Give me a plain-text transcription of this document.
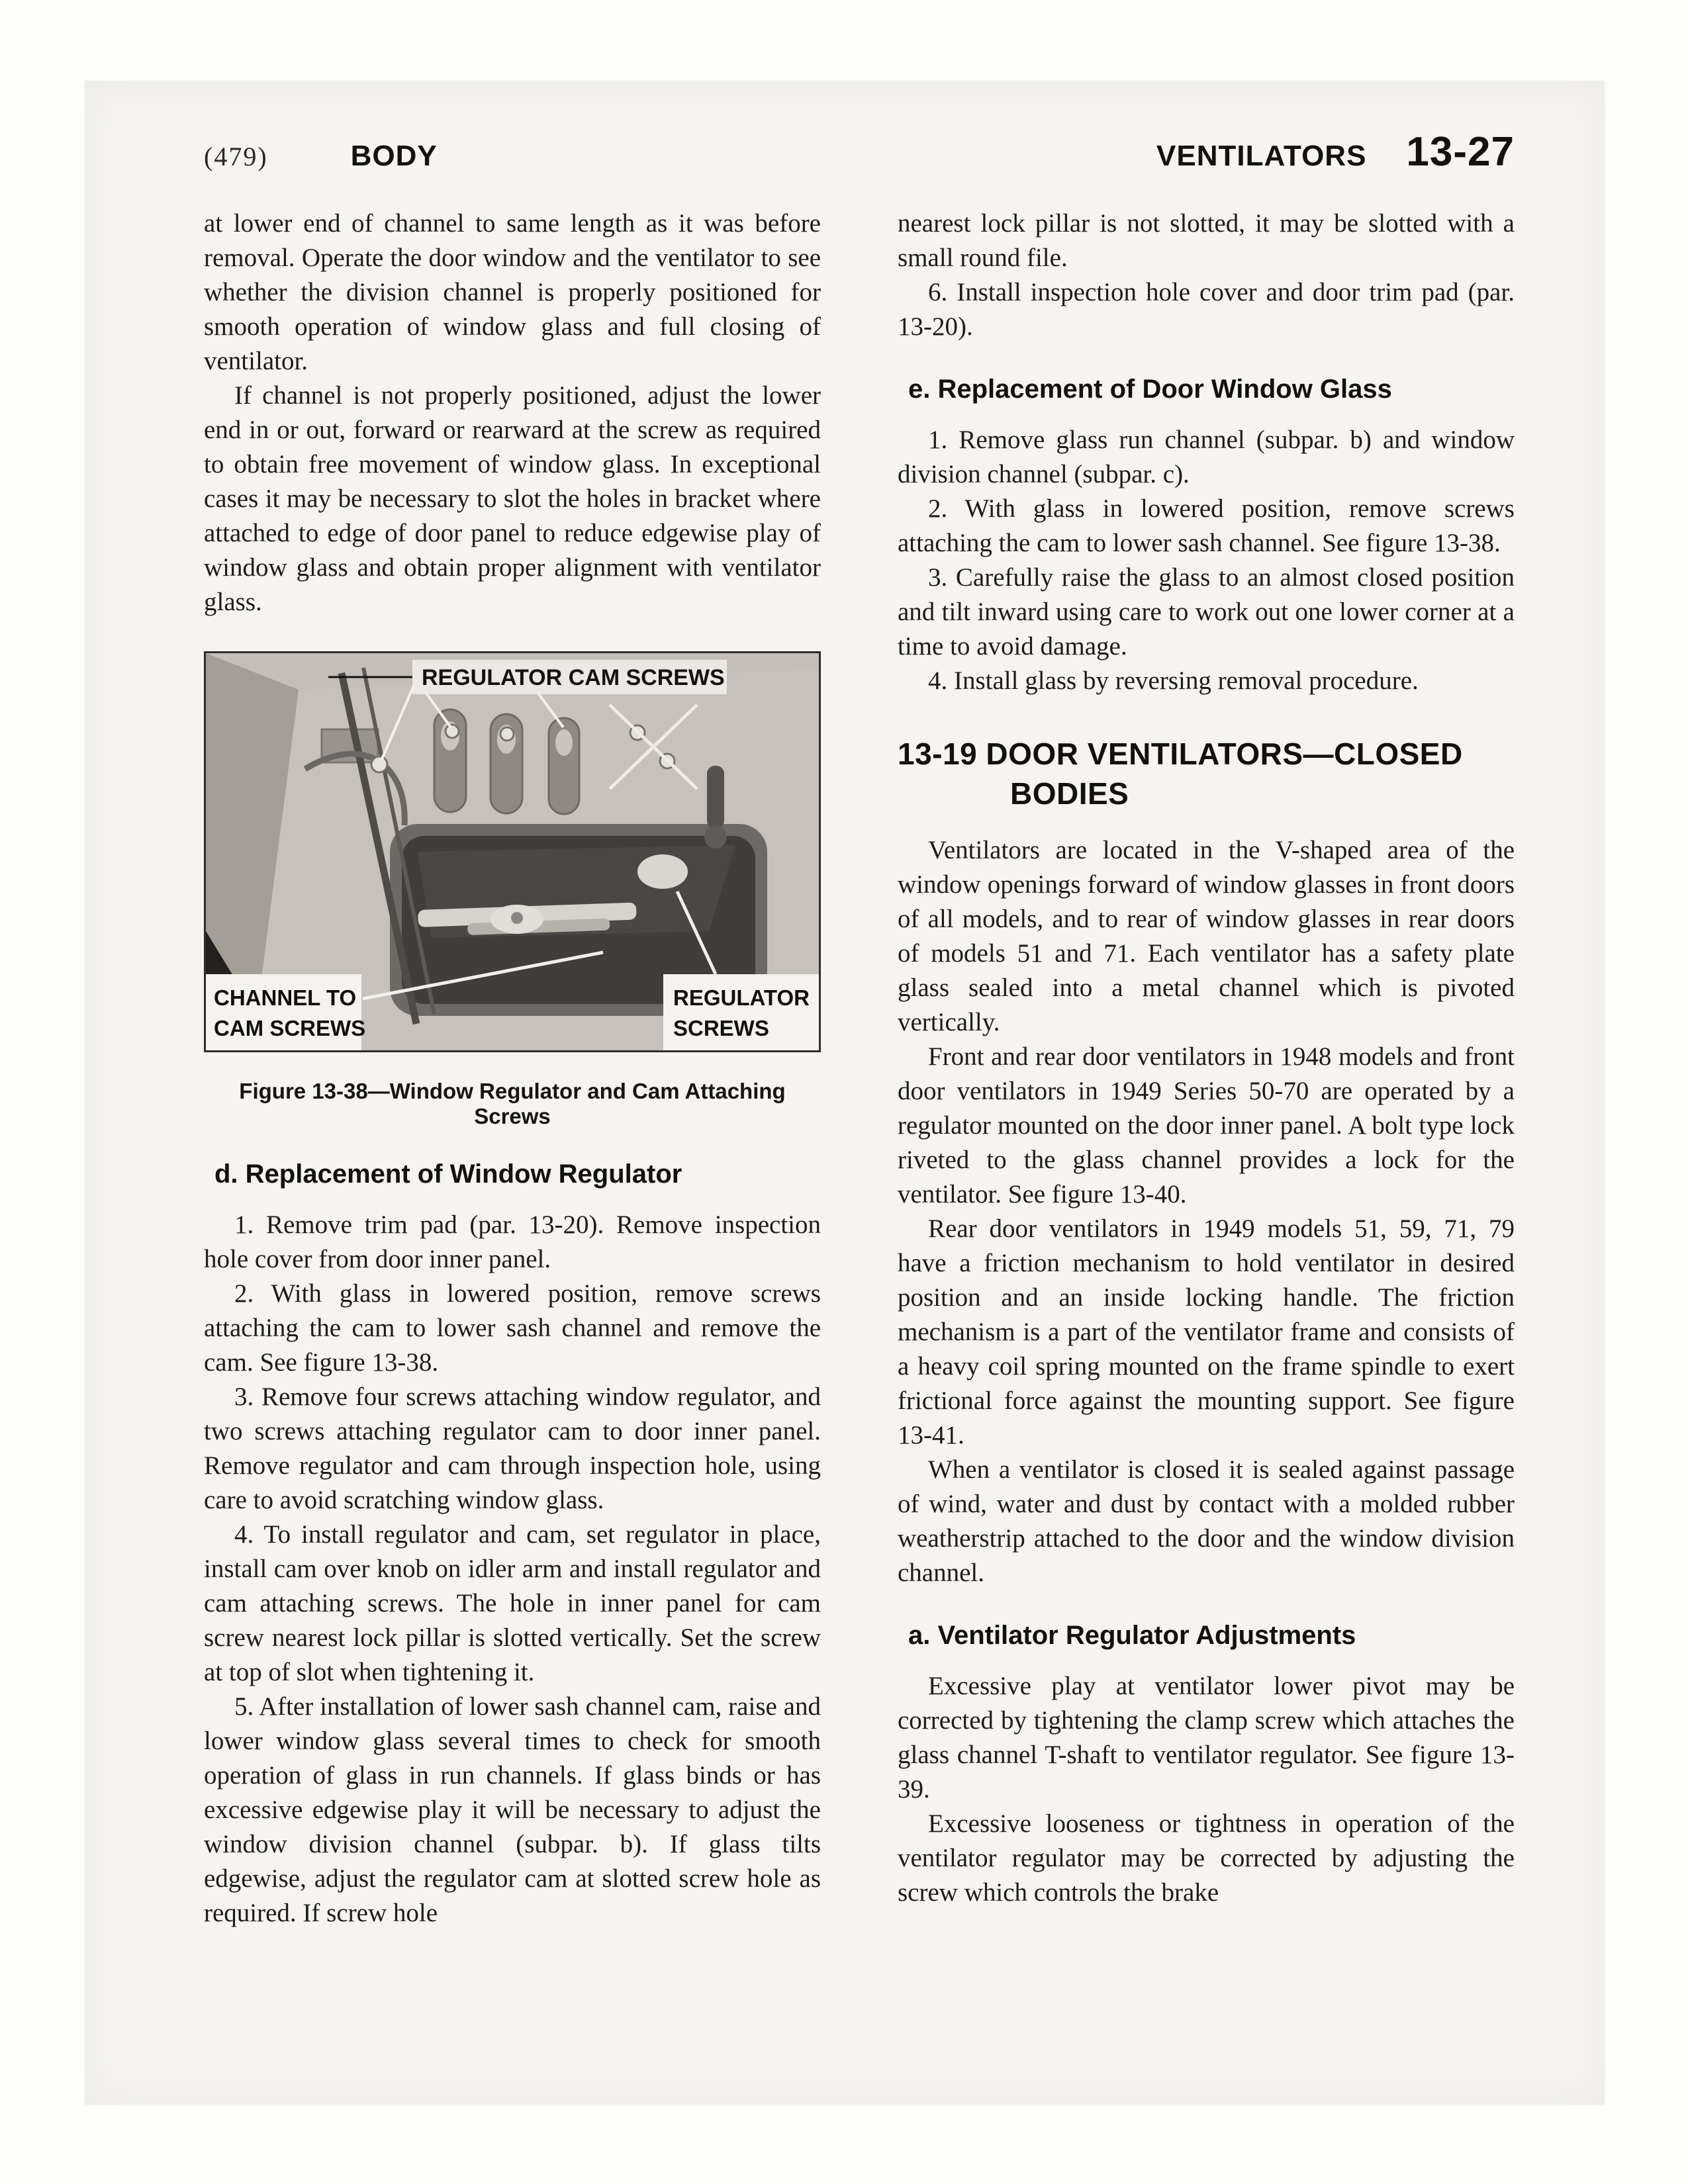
(479)	BODY	VENTILATORS 13-27

at lower end of channel to same length as it was before removal. Operate the door window and the ventilator to see whether the division channel is properly positioned for smooth operation of window glass and full closing of ventilator.

If channel is not properly positioned, adjust the lower end in or out, forward or rearward at the screw as required to obtain free movement of window glass. In exceptional cases it may be necessary to slot the holes in bracket where attached to edge of door panel to reduce edgewise play of window glass and obtain proper alignment with ventilator glass.

REGULATOR CAM SCREWS
CHANNEL TO
CAM SCREWS
REGULATOR
SCREWS
Figure 13-38—Window Regulator and Cam Attaching Screws
d. Replacement of Window Regulator

1. Remove trim pad (par. 13-20). Remove inspection hole cover from door inner panel.

2. With glass in lowered position, remove screws attaching the cam to lower sash channel and remove the cam. See figure 13-38.

3. Remove four screws attaching window regulator, and two screws attaching regulator cam to door inner panel. Remove regulator and cam through inspection hole, using care to avoid scratching window glass.

4. To install regulator and cam, set regulator in place, install cam over knob on idler arm and install regulator and cam attaching screws. The hole in inner panel for cam screw nearest lock pillar is slotted vertically. Set the screw at top of slot when tightening it.

5. After installation of lower sash channel cam, raise and lower window glass several times to check for smooth operation of glass in run channels. If glass binds or has excessive edgewise play it will be necessary to adjust the window division channel (subpar. b). If glass tilts edgewise, adjust the regulator cam at slotted screw hole as required. If screw hole

nearest lock pillar is not slotted, it may be slotted with a small round file.

6. Install inspection hole cover and door trim pad (par. 13-20).

e. Replacement of Door Window Glass

1. Remove glass run channel (subpar. b) and window division channel (subpar. c).

2. With glass in lowered position, remove screws attaching the cam to lower sash channel. See figure 13-38.

3. Carefully raise the glass to an almost closed position and tilt inward using care to work out one lower corner at a time to avoid damage.

4. Install glass by reversing removal procedure.

13-19 DOOR VENTILATORS—CLOSED
BODIES

Ventilators are located in the V-shaped area of the window openings forward of window glasses in front doors of all models, and to rear of window glasses in rear doors of models 51 and 71. Each ventilator has a safety plate glass sealed into a metal channel which is pivoted vertically.

Front and rear door ventilators in 1948 models and front door ventilators in 1949 Series 50-70 are operated by a regulator mounted on the door inner panel. A bolt type lock riveted to the glass channel provides a lock for the ventilator. See figure 13-40.

Rear door ventilators in 1949 models 51, 59, 71, 79 have a friction mechanism to hold ventilator in desired position and an inside locking handle. The friction mechanism is a part of the ventilator frame and consists of a heavy coil spring mounted on the frame spindle to exert frictional force against the mounting support. See figure 13-41.

When a ventilator is closed it is sealed against passage of wind, water and dust by contact with a molded rubber weatherstrip attached to the door and the window division channel.

a. Ventilator Regulator Adjustments

Excessive play at ventilator lower pivot may be corrected by tightening the clamp screw which attaches the glass channel T-shaft to ventilator regulator. See figure 13-39.

Excessive looseness or tightness in operation of the ventilator regulator may be corrected by adjusting the screw which controls the brake
